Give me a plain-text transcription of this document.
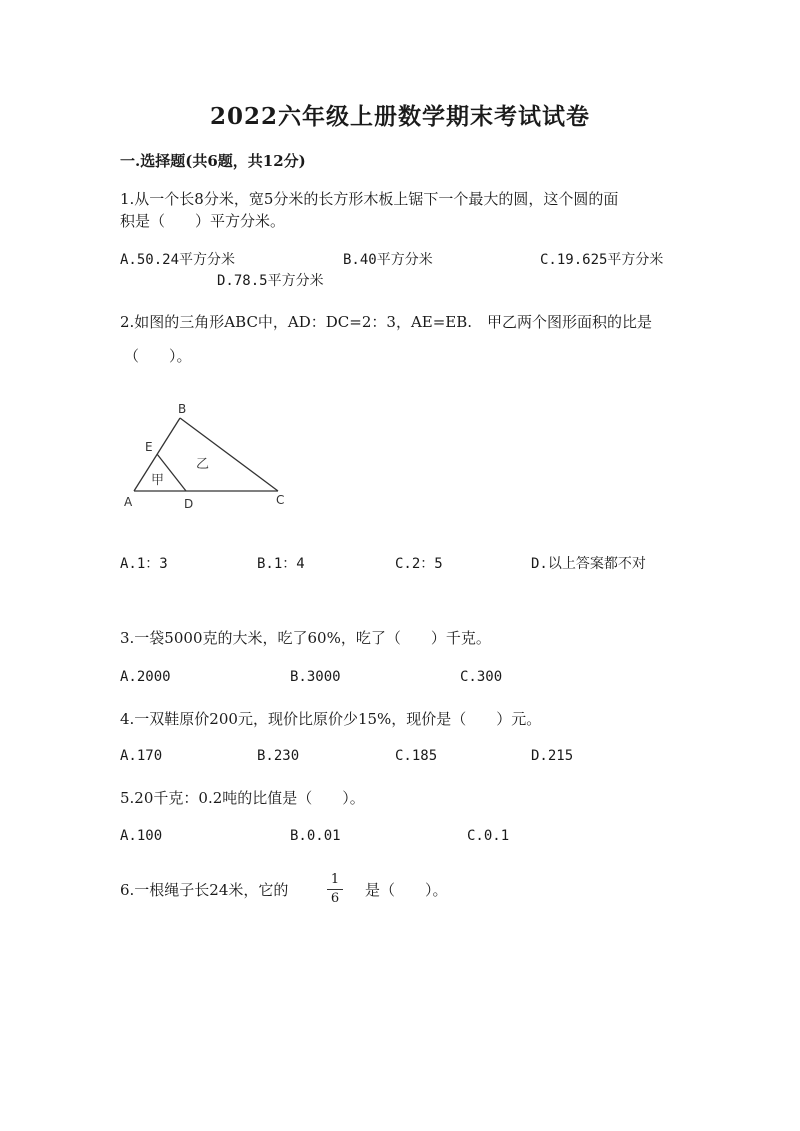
2022六年级上册数学期末考试试卷
一.选择题(共6题，共12分)
1.从一个长8分米，宽5分米的长方形木板上锯下一个最大的圆，这个圆的面
积是（　　）平方分米。
A.50.24平方分米	B.40平方分米	C.19.625平方分米
D.78.5平方分米
2.如图的三角形ABC中，AD：DC=2：3，AE=EB.　甲乙两个图形面积的比是
（　　）。
B
E
A	D	C
甲
乙
A.1：3	B.1：4	C.2：5	D.以上答案都不对
3.一袋5000克的大米，吃了60%，吃了（　　）千克。
A.2000	B.3000	C.300
4.一双鞋原价200元，现价比原价少15%，现价是（　　）元。
A.170	B.230	C.185	D.215
5.20千克：0.2吨的比值是（　　）。
A.100	B.0.01	C.0.1
6.一根绳子长24米，它的
1
6 是（　　）。
